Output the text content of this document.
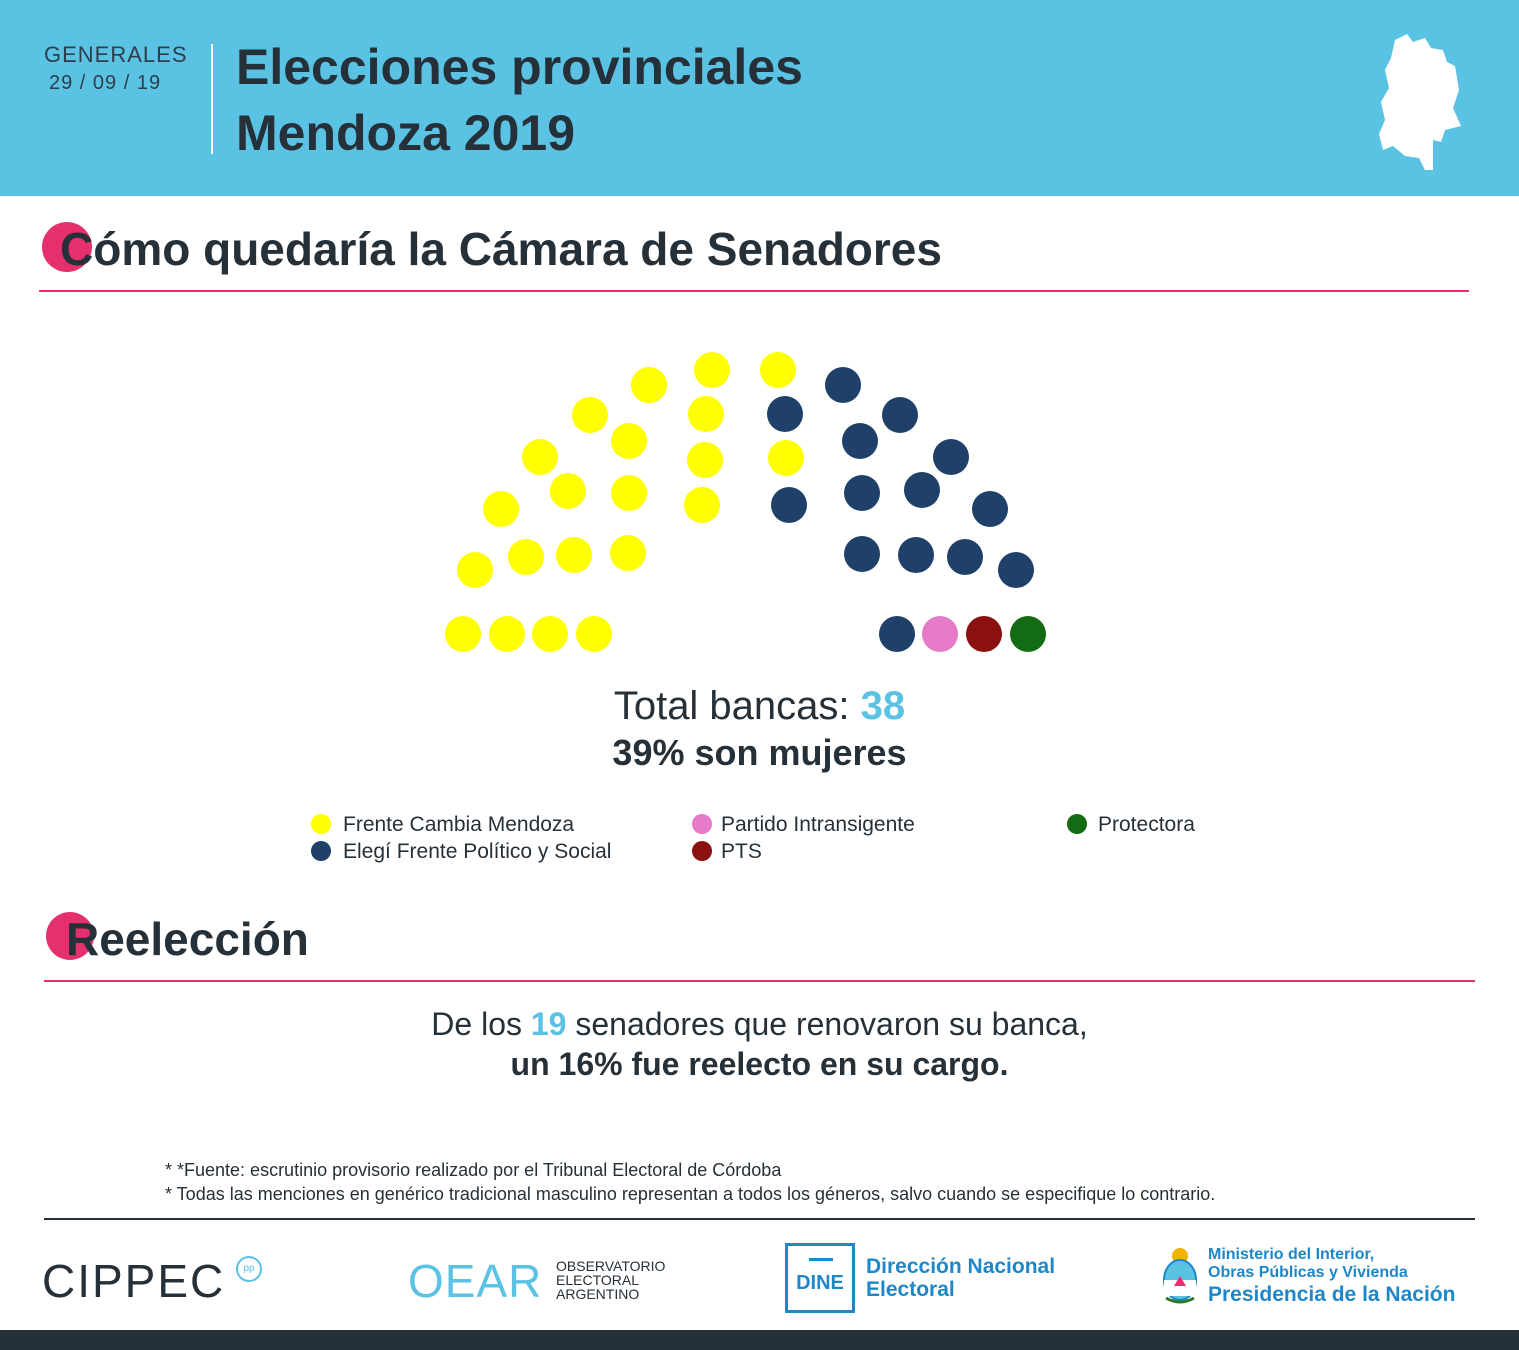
GENERALES
29 / 09 / 19 Elecciones provinciales
Mendoza 2019
Cómo quedaría la Cámara de Senadores
Total bancas: 38
39% son mujeres
Frente Cambia Mendoza
Elegí Frente Político y Social
Partido Intransigente
PTS
Protectora
Reelección
De los 19 senadores que renovaron su banca,
un 16% fue reelecto en su cargo.
* *Fuente: escrutinio provisorio realizado por el Tribunal Electoral de Córdoba
* Todas las menciones en genérico tradicional masculino representan a todos los géneros, salvo cuando se especifique lo contrario.
CIPPEC	pp	OEAR OBSERVATORIO
ELECTORAL
ARGENTINO	DINE
Dirección Nacional
Electoral
Ministerio del Interior,
Obras Públicas y Vivienda
Presidencia de la Nación
